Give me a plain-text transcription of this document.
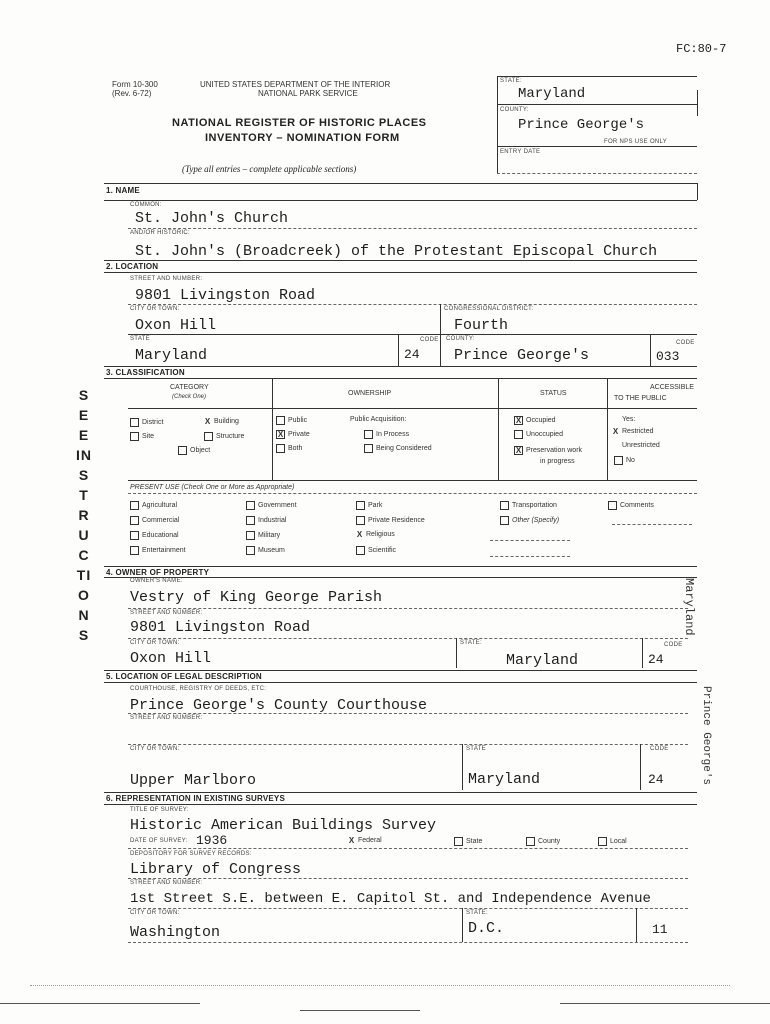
FC:80-7
Form 10-300
(Rev. 6-72)
UNITED STATES DEPARTMENT OF THE INTERIOR
NATIONAL PARK SERVICE
NATIONAL REGISTER OF HISTORIC PLACES
INVENTORY – NOMINATION FORM
(Type all entries – complete applicable sections)
STATE:
Maryland
COUNTY:
Prince George's
FOR NPS USE ONLY
ENTRY DATE
SEE INSTRUCTIONS
1. NAME
COMMON:
St. John's Church
AND/OR HISTORIC:
St. John's (Broadcreek) of the Protestant Episcopal Church
2. LOCATION
STREET AND NUMBER:
9801 Livingston Road
CITY OR TOWN:
Oxon Hill
CONGRESSIONAL DISTRICT:
Fourth
STATE
Maryland
CODE
24
COUNTY:
Prince George's
CODE
033
3. CLASSIFICATION
CATEGORY
(Check One)	OWNERSHIP	STATUS
ACCESSIBLE
TO THE PUBLIC
District	X Building
Site	Structure
Object
Public
X Private
Both
Public Acquisition:
In Process
Being Considered
X Occupied
Unoccupied
X Preservation work
in progress
Yes:
X Restricted
Unrestricted
No
PRESENT USE (Check One or More as Appropriate)
Agricultural
Commercial
Educational
Entertainment
Government
Industrial
Military
Museum
Park
Private Residence
X Religious
Scientific
Transportation
Other (Specify)
Comments
4. OWNER OF PROPERTY
OWNER'S NAME:
Vestry of King George Parish
STREET AND NUMBER:
9801 Livingston Road
CITY OR TOWN:
Oxon Hill
STATE:
Maryland
CODE
24
Maryland
5. LOCATION OF LEGAL DESCRIPTION
COURTHOUSE, REGISTRY OF DEEDS, ETC:
Prince George's County Courthouse
STREET AND NUMBER:
CITY OR TOWN:
Upper Marlboro
STATE
Maryland
CODE
24	Prince George's
6. REPRESENTATION IN EXISTING SURVEYS
TITLE OF SURVEY:
Historic American Buildings Survey
DATE OF SURVEY: 1936	X Federal	State	County	Local
DEPOSITORY FOR SURVEY RECORDS:
Library of Congress
STREET AND NUMBER:
1st Street S.E. between E. Capitol St. and Independence Avenue
CITY OR TOWN:
Washington
STATE:
D.C.	11
